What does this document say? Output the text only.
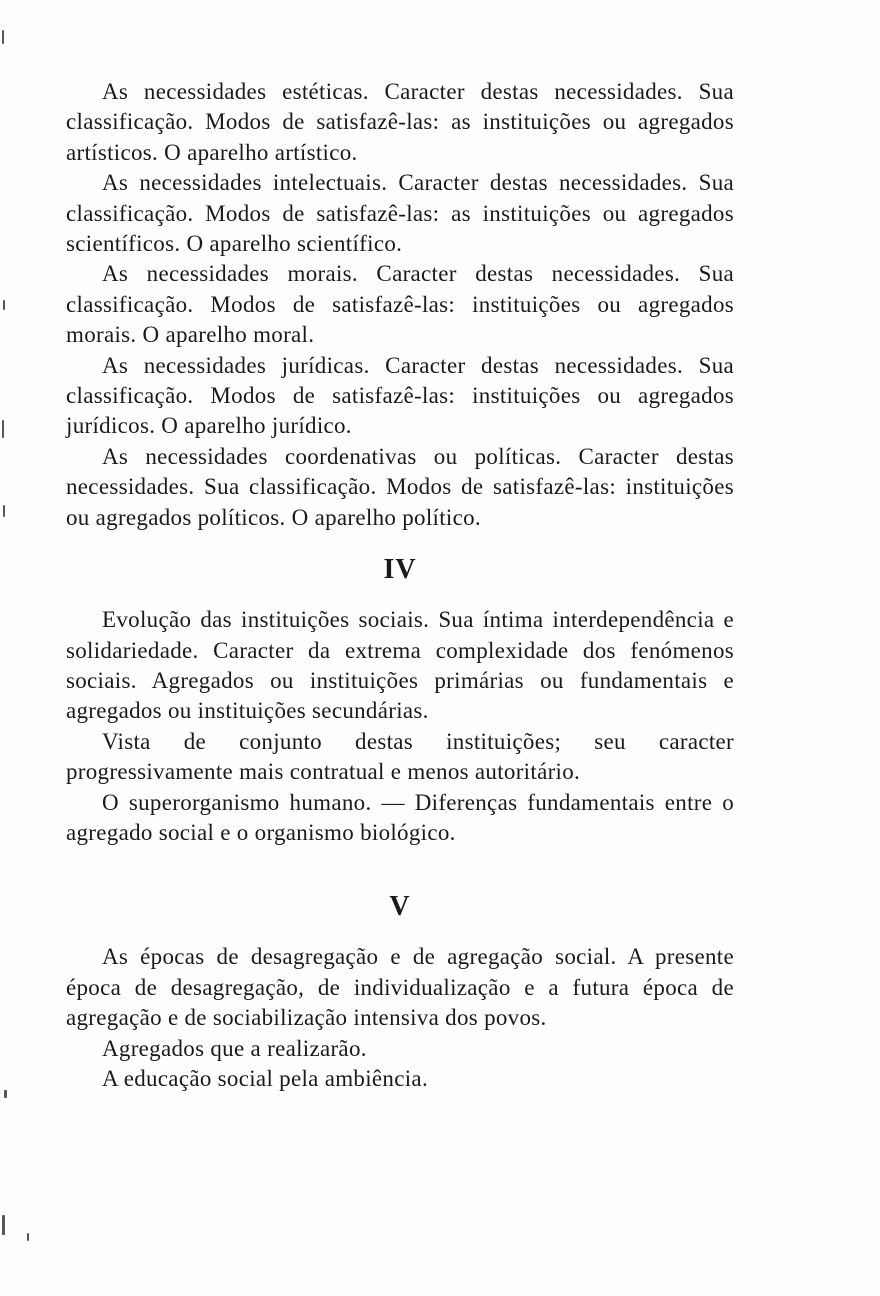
As necessidades estéticas. Caracter destas necessidades. Sua classificação. Modos de satisfazê-las: as instituições ou agregados artísticos. O aparelho artístico.

As necessidades intelectuais. Caracter destas necessidades. Sua classificação. Modos de satisfazê-las: as instituições ou agregados scientíficos. O aparelho scientífico.

As necessidades morais. Caracter destas necessidades. Sua classificação. Modos de satisfazê-las: instituições ou agregados morais. O aparelho moral.

As necessidades jurídicas. Caracter destas necessidades. Sua classificação. Modos de satisfazê-las: instituições ou agregados jurídicos. O aparelho jurídico.

As necessidades coordenativas ou políticas. Caracter destas necessidades. Sua classificação. Modos de satisfazê-las: instituições ou agregados políticos. O aparelho político.

IV

Evolução das instituições sociais. Sua íntima interdependência e solidariedade. Caracter da extrema complexidade dos fenómenos sociais. Agregados ou instituições primárias ou fundamentais e agregados ou instituições secundárias.

Vista de conjunto destas instituições; seu caracter progressivamente mais contratual e menos autoritário.

O superorganismo humano. — Diferenças fundamentais entre o agregado social e o organismo biológico.

V

As épocas de desagregação e de agregação social. A presente época de desagregação, de individualização e a futura época de agregação e de sociabilização intensiva dos povos.

Agregados que a realizarão.

A educação social pela ambiência.
